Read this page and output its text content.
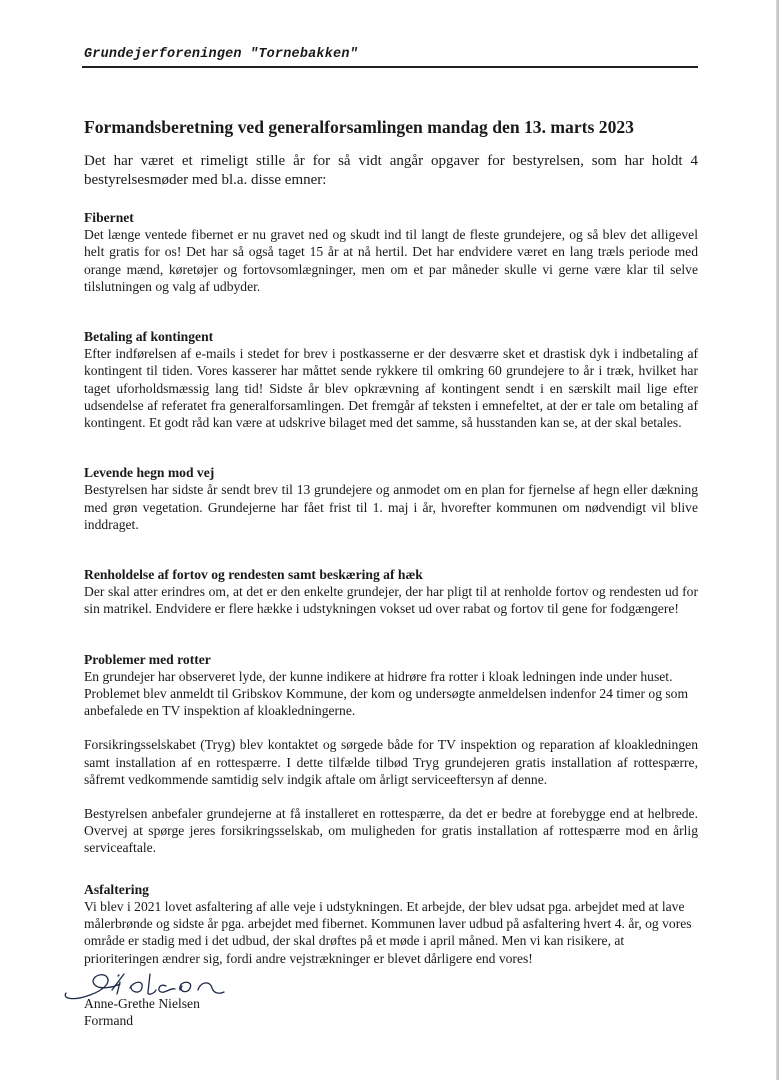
Grundejerforeningen "Tornebakken"
Formandsberetning ved generalforsamlingen mandag den 13. marts 2023

Det har været et rimeligt stille år for så vidt angår opgaver for bestyrelsen, som har holdt 4 bestyrelsesmøder med bl.a. disse emner:

Fibernet

Det længe ventede fibernet er nu gravet ned og skudt ind til langt de fleste grundejere, og så blev det alligevel helt gratis for os! Det har så også taget 15 år at nå hertil. Det har endvidere været en lang træls periode med orange mænd, køretøjer og fortovsomlægninger, men om et par måneder skulle vi gerne være klar til selve tilslutningen og valg af udbyder.

Betaling af kontingent

Efter indførelsen af e-mails i stedet for brev i postkasserne er der desværre sket et drastisk dyk i indbetaling af kontingent til tiden. Vores kasserer har måttet sende rykkere til omkring 60 grundejere to år i træk, hvilket har taget uforholdsmæssig lang tid! Sidste år blev opkrævning af kontingent sendt i en særskilt mail lige efter udsendelse af referatet fra generalforsamlingen. Det fremgår af teksten i emnefeltet, at der er tale om betaling af kontingent. Et godt råd kan være at udskrive bilaget med det samme, så husstanden kan se, at der skal betales.

Levende hegn mod vej

Bestyrelsen har sidste år sendt brev til 13 grundejere og anmodet om en plan for fjernelse af hegn eller dækning med grøn vegetation. Grundejerne har fået frist til 1. maj i år, hvorefter kommunen om nødvendigt vil blive inddraget.

Renholdelse af fortov og rendesten samt beskæring af hæk

Der skal atter erindres om, at det er den enkelte grundejer, der har pligt til at renholde fortov og rendesten ud for sin matrikel. Endvidere er flere hække i udstykningen vokset ud over rabat og fortov til gene for fodgængere!

Problemer med rotter

En grundejer har observeret lyde, der kunne indikere at hidrøre fra rotter i kloak ledningen inde under huset. Problemet blev anmeldt til Gribskov Kommune, der kom og undersøgte anmeldelsen indenfor 24 timer og som anbefalede en TV inspektion af kloakledningerne.

Forsikringsselskabet (Tryg) blev kontaktet og sørgede både for TV inspektion og reparation af kloakledningen samt installation af en rottespærre. I dette tilfælde tilbød Tryg grundejeren gratis installation af rottespærre, såfremt vedkommende samtidig selv indgik aftale om årligt serviceeftersyn af denne.

Bestyrelsen anbefaler grundejerne at få installeret en rottespærre, da det er bedre at forebygge end at helbrede. Overvej at spørge jeres forsikringsselskab, om muligheden for gratis installation af rottespærre mod en årlig serviceaftale.

Asfaltering

Vi blev i 2021 lovet asfaltering af alle veje i udstykningen. Et arbejde, der blev udsat pga. arbejdet med at lave målerbrønde og sidste år pga. arbejdet med fibernet. Kommunen laver udbud på asfaltering hvert 4. år, og vores område er stadig med i det udbud, der skal drøftes på et møde i april måned. Men vi kan risikere, at prioriteringen ændrer sig, fordi andre vejstrækninger er blevet dårligere end vores!

Anne-Grethe Nielsen
Formand
